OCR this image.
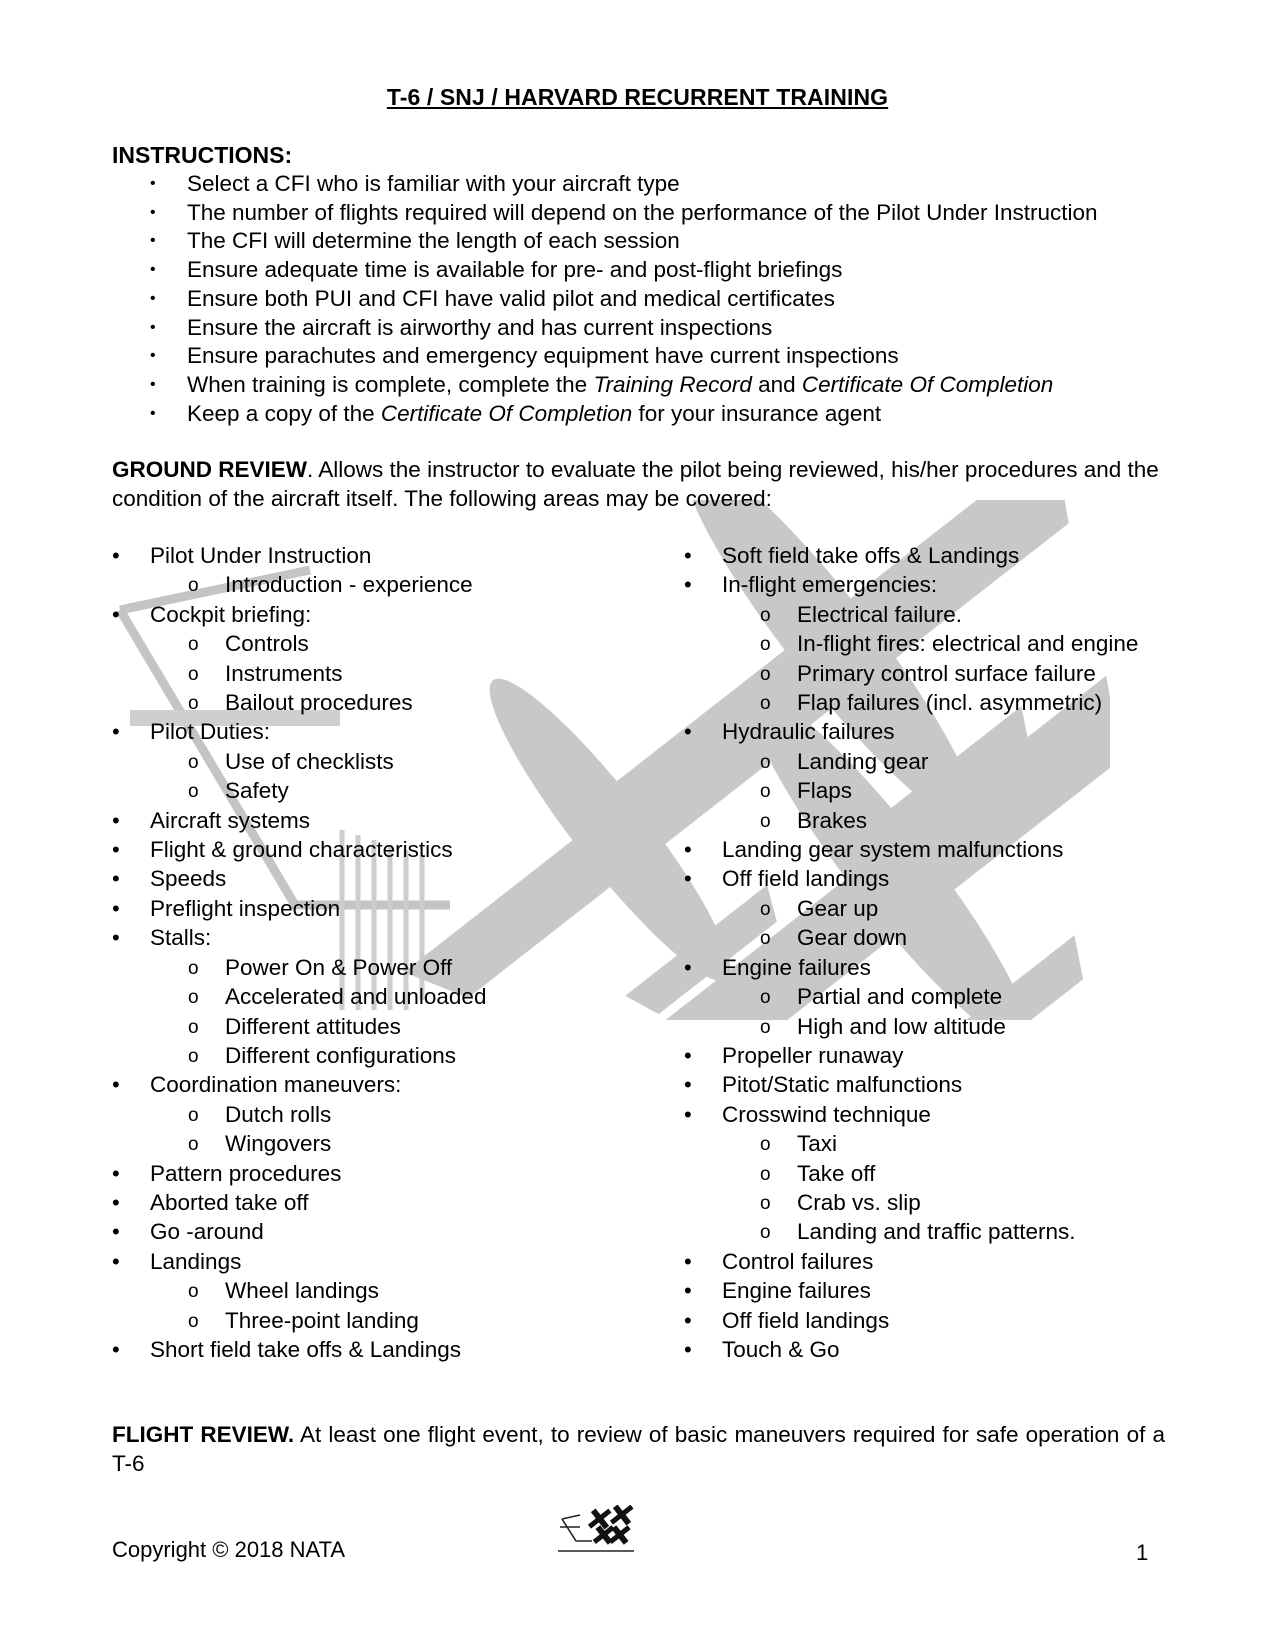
T-6 / SNJ / HARVARD RECURRENT TRAINING
INSTRUCTIONS:
• Select a CFI who is familiar with your aircraft type
• The number of flights required will depend on the performance of the Pilot Under Instruction
• The CFI will determine the length of each session
• Ensure adequate time is available for pre- and post-flight briefings
• Ensure both PUI and CFI have valid pilot and medical certificates
• Ensure the aircraft is airworthy and has current inspections
• Ensure parachutes and emergency equipment have current inspections
• When training is complete, complete the Training Record and Certificate Of Completion
• Keep a copy of the Certificate Of Completion for your insurance agent
GROUND REVIEW. Allows the instructor to evaluate the pilot being reviewed, his/her procedures and the condition of the aircraft itself. The following areas may be covered:
• Pilot Under Instruction
o Introduction - experience
• Cockpit briefing:
o Controls
o Instruments
o Bailout procedures
• Pilot Duties:
o Use of checklists
o Safety
• Aircraft systems
• Flight & ground characteristics
• Speeds
• Preflight inspection
• Stalls:
o Power On & Power Off
o Accelerated and unloaded
o Different attitudes
o Different configurations
• Coordination maneuvers:
o Dutch rolls
o Wingovers
• Pattern procedures
• Aborted take off
• Go -around
• Landings
o Wheel landings
o Three-point landing
• Short field take offs & Landings
• Soft field take offs & Landings
• In-flight emergencies:
o Electrical failure.
o In-flight fires: electrical and engine
o Primary control surface failure
o Flap failures (incl. asymmetric)
• Hydraulic failures
o Landing gear
o Flaps
o Brakes
• Landing gear system malfunctions
• Off field landings
o Gear up
o Gear down
• Engine failures
o Partial and complete
o High and low altitude
• Propeller runaway
• Pitot/Static malfunctions
• Crosswind technique
o Taxi
o Take off
o Crab vs. slip
o Landing and traffic patterns.
• Control failures
• Engine failures
• Off field landings
• Touch & Go
FLIGHT REVIEW. At least one flight event, to review of basic maneuvers required for safe operation of a T-6
Copyright © 2018 NATA	1
